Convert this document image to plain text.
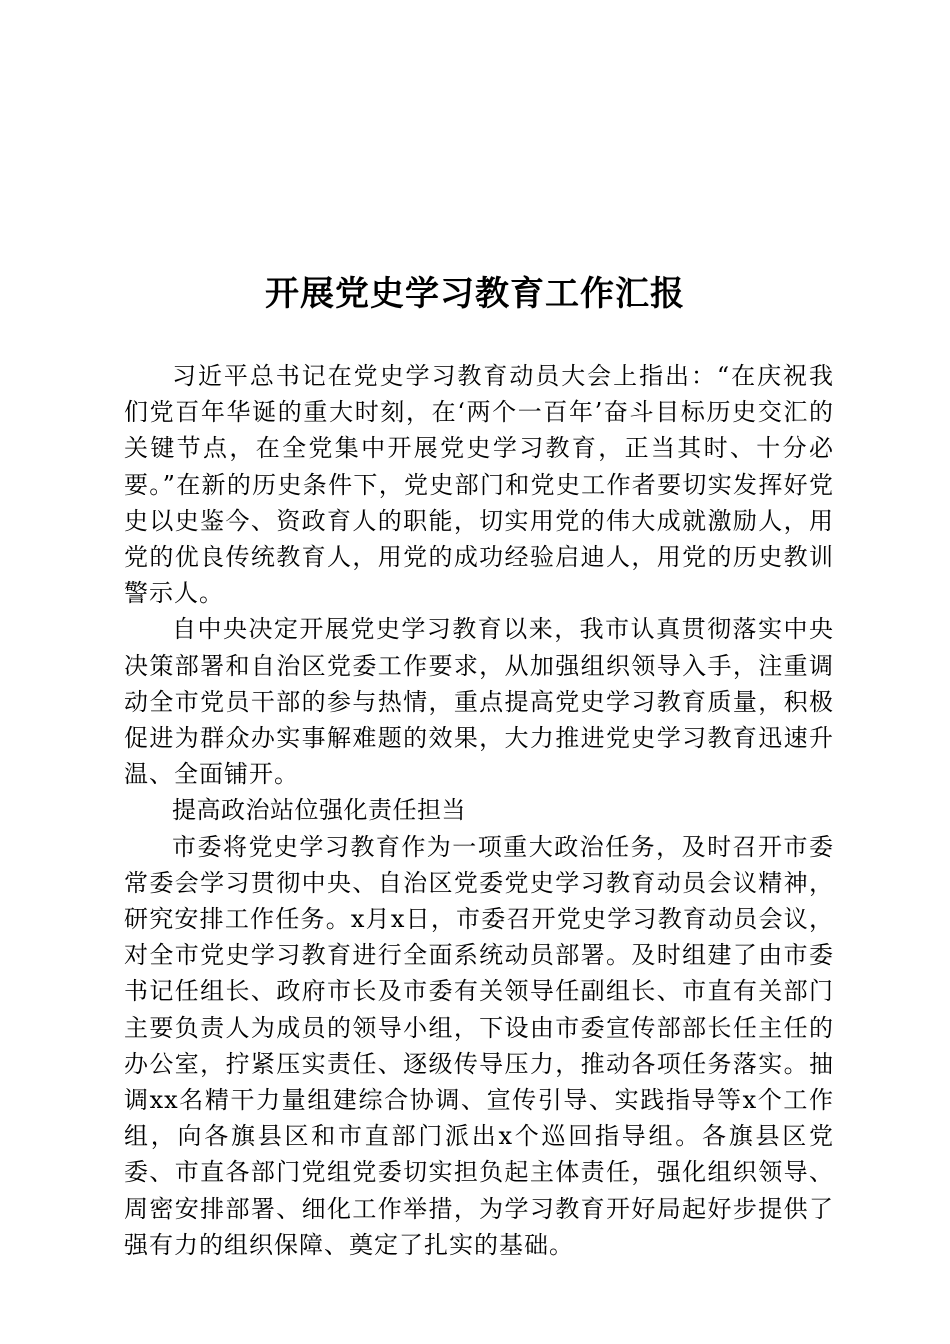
开展党史学习教育工作汇报

习近平总书记在党史学习教育动员大会上指出：“在庆祝我们党百年华诞的重大时刻，在‘两个一百年’奋斗目标历史交汇的关键节点，在全党集中开展党史学习教育，正当其时、十分必要。”在新的历史条件下，党史部门和党史工作者要切实发挥好党史以史鉴今、资政育人的职能，切实用党的伟大成就激励人，用党的优良传统教育人，用党的成功经验启迪人，用党的历史教训警示人。

自中央决定开展党史学习教育以来，我市认真贯彻落实中央决策部署和自治区党委工作要求，从加强组织领导入手，注重调动全市党员干部的参与热情，重点提高党史学习教育质量，积极促进为群众办实事解难题的效果，大力推进党史学习教育迅速升温、全面铺开。

提高政治站位强化责任担当

市委将党史学习教育作为一项重大政治任务，及时召开市委常委会学习贯彻中央、自治区党委党史学习教育动员会议精神，研究安排工作任务。x月x日，市委召开党史学习教育动员会议，对全市党史学习教育进行全面系统动员部署。及时组建了由市委书记任组长、政府市长及市委有关领导任副组长、市直有关部门主要负责人为成员的领导小组，下设由市委宣传部部长任主任的办公室，拧紧压实责任、逐级传导压力，推动各项任务落实。抽调xx名精干力量组建综合协调、宣传引导、实践指导等x个工作组，向各旗县区和市直部门派出x个巡回指导组。各旗县区党委、市直各部门党组党委切实担负起主体责任，强化组织领导、周密安排部署、细化工作举措，为学习教育开好局起好步提供了强有力的组织保障、奠定了扎实的基础。
